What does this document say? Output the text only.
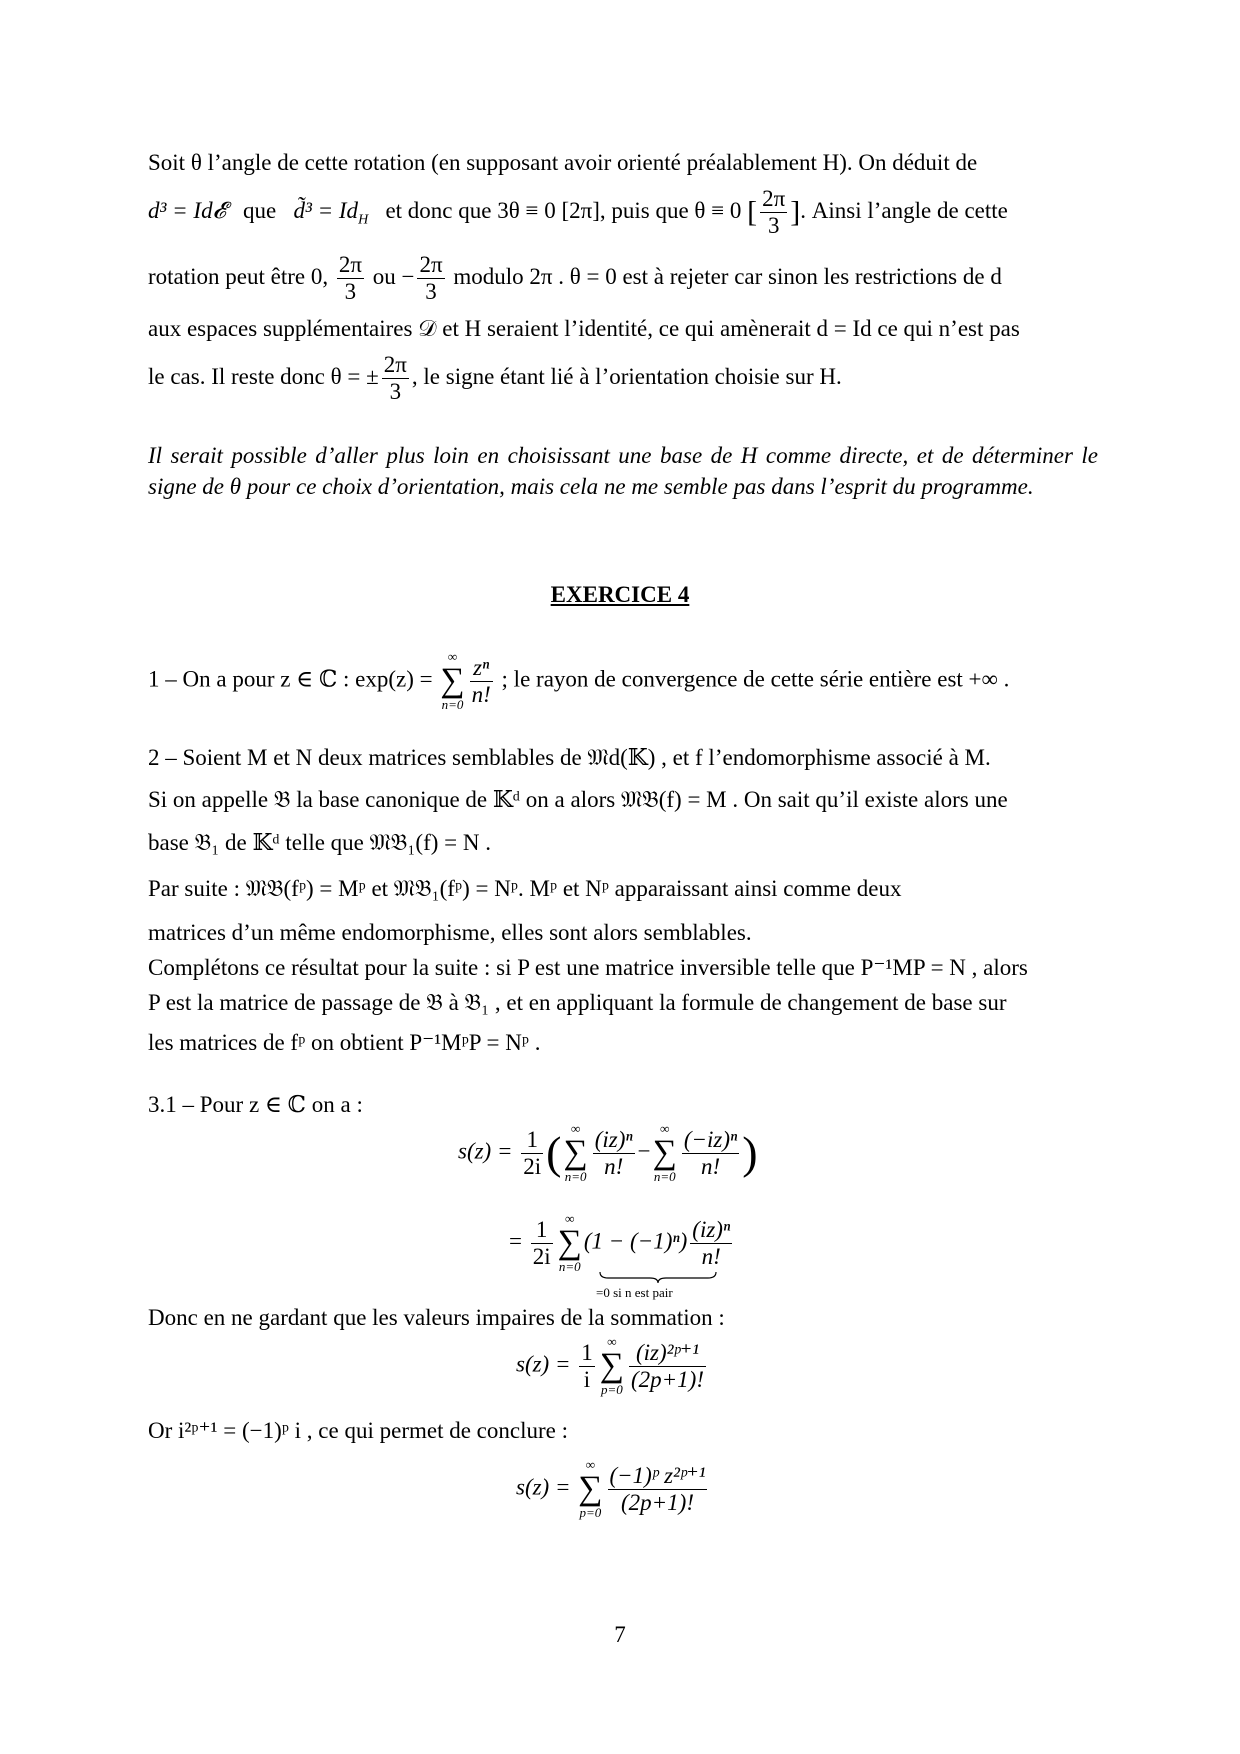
Soit θ l’angle de cette rotation (en supposant avoir orienté préalablement H). On déduit de
d³ = Id𝓔 que d̃³ = $Id_H$ et donc que 3θ ≡ 0 [2π], puis que θ ≡ 0 [ $\frac{2\pi}{3}$ ]. Ainsi l’angle de cette
rotation peut être 0, $\frac{2\pi}{3}$ ou − $\frac{2\pi}{3}$ modulo 2π . θ = 0 est à rejeter car sinon les restrictions de d
aux espaces supplémentaires 𝒟 et H seraient l’identité, ce qui amènerait d = Id ce qui n’est pas
le cas. Il reste donc θ = ± $\frac{2\pi}{3}$ , le signe étant lié à l’orientation choisie sur H.
Il serait possible d’aller plus loin en choisissant une base de H comme directe, et de déterminer le signe de θ pour ce choix d’orientation, mais cela ne me semble pas dans l’esprit du programme.
EXERCICE 4
1 – On a pour z ∈ ℂ : exp(z) =
∞
∑
$n=0 \frac{\text{zⁿ}}{n!}$ ; le rayon de convergence de cette série entière est +∞ .
2 – Soient M et N deux matrices semblables de 𝔐d(𝕂) , et f l’endomorphisme associé à M.
Si on appelle 𝔅 la base canonique de 𝕂ᵈ on a alors 𝔐𝔅(f) = M . On sait qu’il existe alors une
base 𝔅₁ de 𝕂ᵈ telle que 𝔐𝔅₁(f) = N .
Par suite : 𝔐𝔅(fᵖ) = Mᵖ et 𝔐𝔅₁(fᵖ) = Nᵖ. Mᵖ et Nᵖ apparaissant ainsi comme deux
matrices d’un même endomorphisme, elles sont alors semblables.
Complétons ce résultat pour la suite : si P est une matrice inversible telle que P⁻¹MP = N , alors
P est la matrice de passage de 𝔅 à 𝔅₁ , et en appliquant la formule de changement de base sur
les matrices de fᵖ on obtient P⁻¹MᵖP = Nᵖ .
3.1 – Pour z ∈ ℂ on a :
$s(z) = \frac{1}{2i}$ ( ∞
∑
$n=0 \frac{\text{(iz)ⁿ}}{n!}$ −
∞
∑
$n=0 \frac{\text{(−iz)ⁿ}}{n!}$ )
= $\frac{1}{2i}$ ∞
∑
n=0
$(1 - (-1)^n) \frac{\text{(iz)ⁿ}}{n!}$
=0 si n est pair
Donc en ne gardant que les valeurs impaires de la sommation :
$s(z) = \frac{1}{i}$ ∞
∑
$p=0 \frac{\text{(iz)²ᵖ⁺¹}}{(2p+1)!}$
Or i²ᵖ⁺¹ = (−1)ᵖ i , ce qui permet de conclure :
s(z) =
∞
∑
$p=0 \frac{\text{(−1)ᵖ z²ᵖ⁺¹}}{(2p+1)!}$
7
